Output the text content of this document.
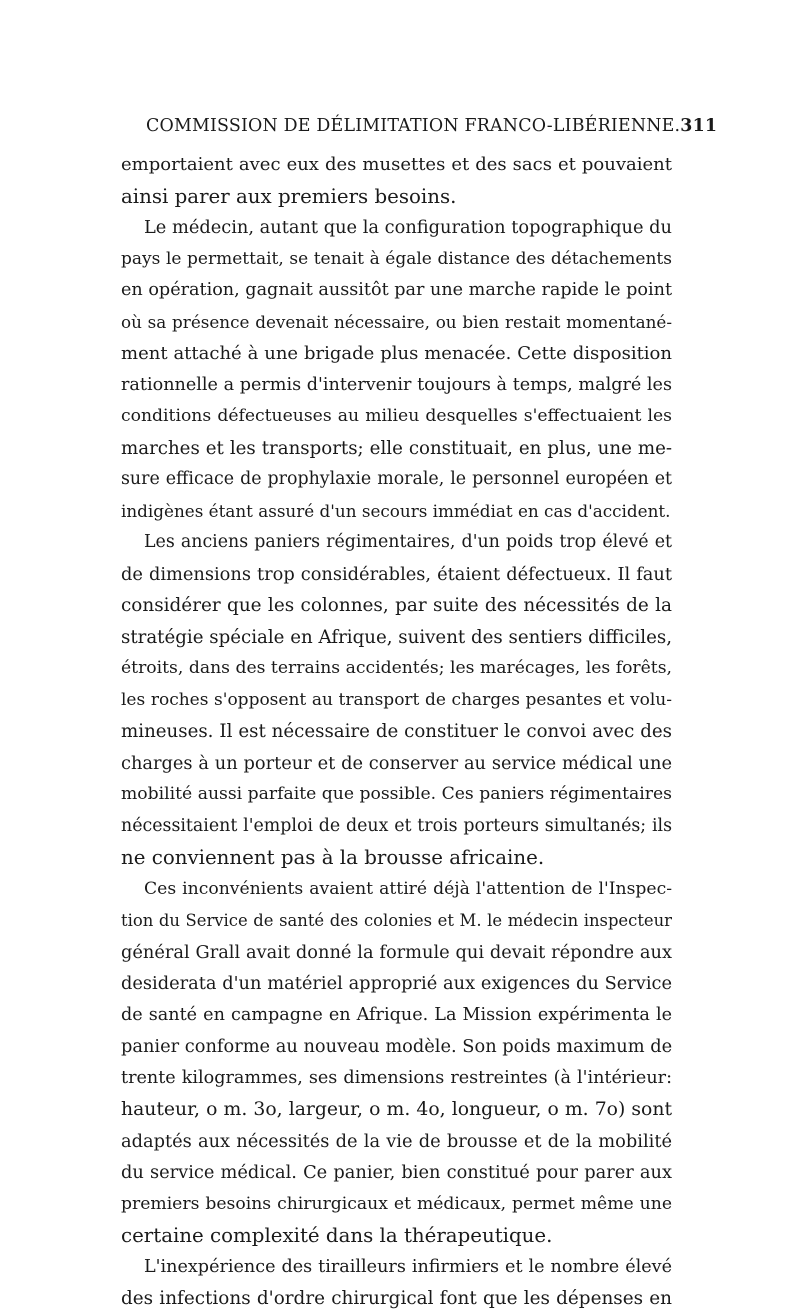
COMMISSION DE DÉLIMITATION FRANCO-LIBÉRIENNE. 311
emportaient avec eux des musettes et des sacs et pouvaient
ainsi parer aux premiers besoins.
Le médecin, autant que la configuration topographique du
pays le permettait, se tenait à égale distance des détachements
en opération, gagnait aussitôt par une marche rapide le point
où sa présence devenait nécessaire, ou bien restait momentané-
ment attaché à une brigade plus menacée. Cette disposition
rationnelle a permis d'intervenir toujours à temps, malgré les
conditions défectueuses au milieu desquelles s'effectuaient les
marches et les transports; elle constituait, en plus, une me-
sure efficace de prophylaxie morale, le personnel européen et
indigènes étant assuré d'un secours immédiat en cas d'accident.
Les anciens paniers régimentaires, d'un poids trop élevé et
de dimensions trop considérables, étaient défectueux. Il faut
considérer que les colonnes, par suite des nécessités de la
stratégie spéciale en Afrique, suivent des sentiers difficiles,
étroits, dans des terrains accidentés; les marécages, les forêts,
les roches s'opposent au transport de charges pesantes et volu-
mineuses. Il est nécessaire de constituer le convoi avec des
charges à un porteur et de conserver au service médical une
mobilité aussi parfaite que possible. Ces paniers régimentaires
nécessitaient l'emploi de deux et trois porteurs simultanés; ils
ne conviennent pas à la brousse africaine.
Ces inconvénients avaient attiré déjà l'attention de l'Inspec-
tion du Service de santé des colonies et M. le médecin inspecteur
général Grall avait donné la formule qui devait répondre aux
desiderata d'un matériel approprié aux exigences du Service
de santé en campagne en Afrique. La Mission expérimenta le
panier conforme au nouveau modèle. Son poids maximum de
trente kilogrammes, ses dimensions restreintes (à l'intérieur:
hauteur, o m. 3o, largeur, o m. 4o, longueur, o m. 7o) sont
adaptés aux nécessités de la vie de brousse et de la mobilité
du service médical. Ce panier, bien constitué pour parer aux
premiers besoins chirurgicaux et médicaux, permet même une
certaine complexité dans la thérapeutique.
L'inexpérience des tirailleurs infirmiers et le nombre élevé
des infections d'ordre chirurgical font que les dépenses en
